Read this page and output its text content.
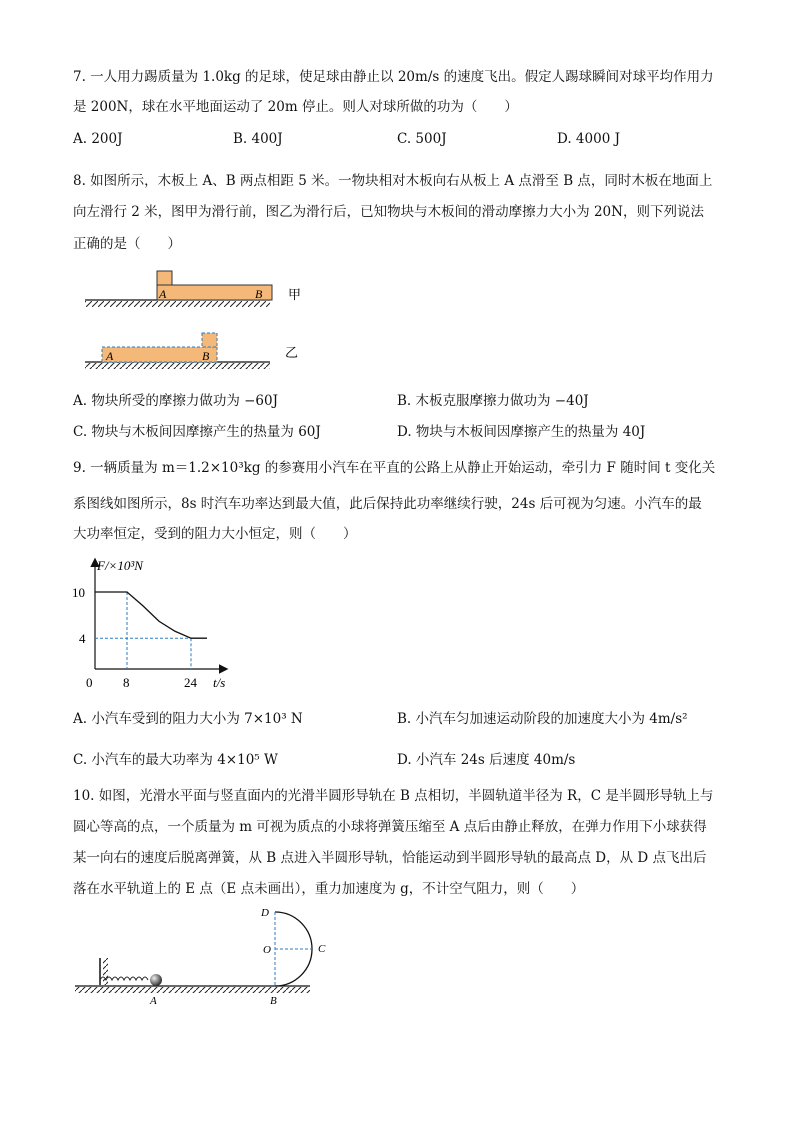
7. 一人用力踢质量为 1.0kg 的足球，使足球由静止以 20m/s 的速度飞出。假定人踢球瞬间对球平均作用力
是 200N，球在水平地面运动了 20m 停止。则人对球所做的功为（　　）
A. 200J	B. 400J	C. 500J	D. 4000 J
8. 如图所示，木板上 A、B 两点相距 5 米。一物块相对木板向右从板上 A 点滑至 B 点，同时木板在地面上
向左滑行 2 米，图甲为滑行前，图乙为滑行后，已知物块与木板间的滑动摩擦力大小为 20N，则下列说法
正确的是（　　）
A	B 甲
A	B	乙
A. 物块所受的摩擦力做功为 −60J	B. 木板克服摩擦力做功为 −40J
C. 物块与木板间因摩擦产生的热量为 60J	D. 物块与木板间因摩擦产生的热量为 40J
9. 一辆质量为 m＝1.2×10³kg 的参赛用小汽车在平直的公路上从静止开始运动，牵引力 F 随时间 t 变化关
系图线如图所示，8s 时汽车功率达到最大值，此后保持此功率继续行驶，24s 后可视为匀速。小汽车的最
大功率恒定，受到的阻力大小恒定，则（　　）
F/×10³N
t/s
0 8	24
10
4
A. 小汽车受到的阻力大小为 7×10³ N	B. 小汽车匀加速运动阶段的加速度大小为 4m/s²
C. 小汽车的最大功率为 4×10⁵ W	D. 小汽车 24s 后速度 40m/s
10. 如图，光滑水平面与竖直面内的光滑半圆形导轨在 B 点相切，半圆轨道半径为 R，C 是半圆形导轨上与
圆心等高的点，一个质量为 m 可视为质点的小球将弹簧压缩至 A 点后由静止释放，在弹力作用下小球获得
某一向右的速度后脱离弹簧，从 B 点进入半圆形导轨，恰能运动到半圆形导轨的最高点 D，从 D 点飞出后
落在水平轨道上的 E 点（E 点未画出），重力加速度为 g，不计空气阻力，则（　　）
A	B
D
O	C
